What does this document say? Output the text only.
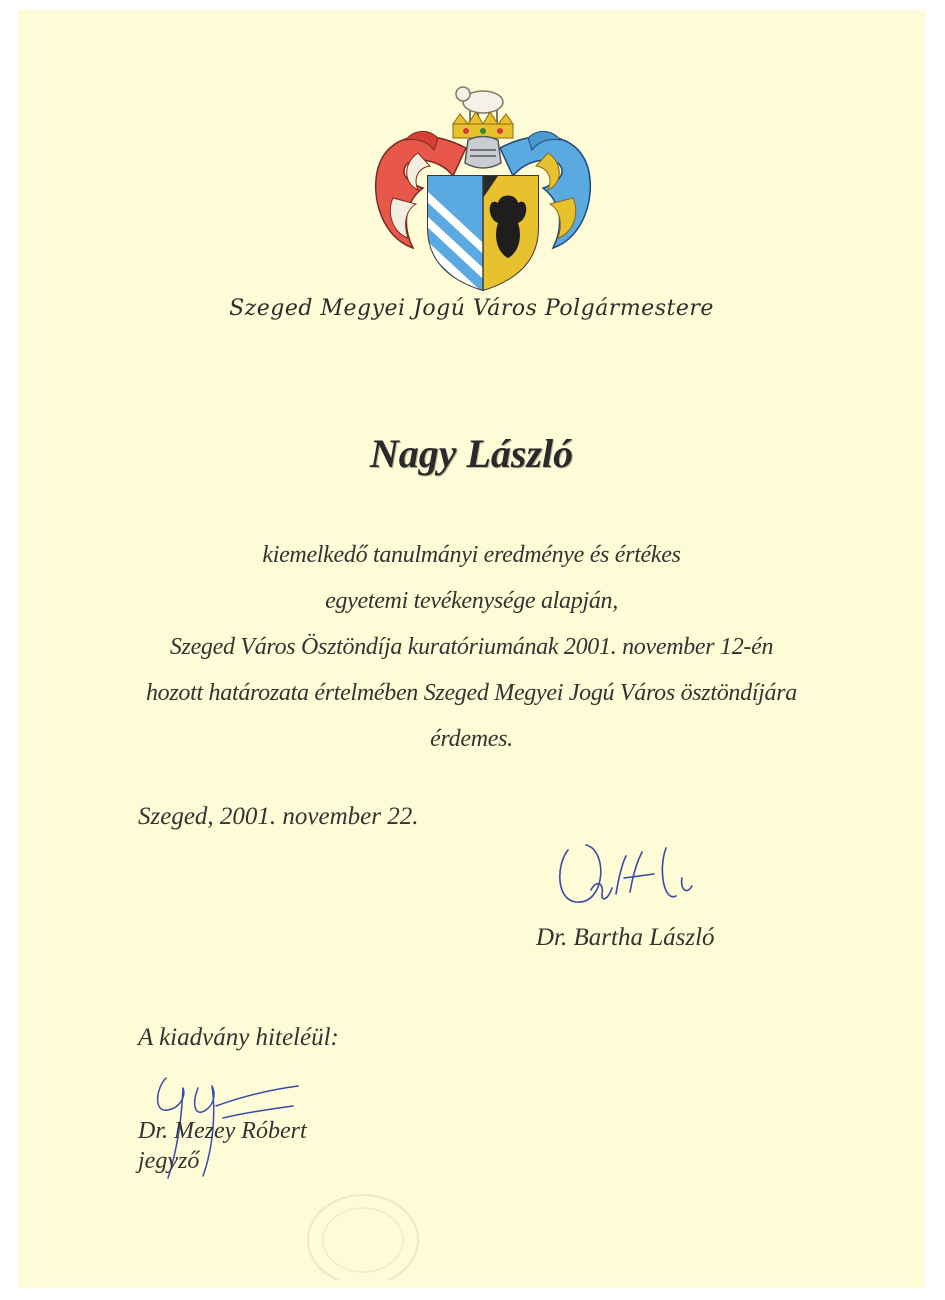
Szeged Megyei Jogú Város Polgármestere
Nagy László
kiemelkedő tanulmányi eredménye és értékes
egyetemi tevékenysége alapján,
Szeged Város Ösztöndíja kuratóriumának 2001. november 12-én
hozott határozata értelmében Szeged Megyei Jogú Város ösztöndíjára
érdemes.
Szeged, 2001. november 22.
Dr. Bartha László
A kiadvány hiteléül:
Dr. Mezey Róbert
jegyző
